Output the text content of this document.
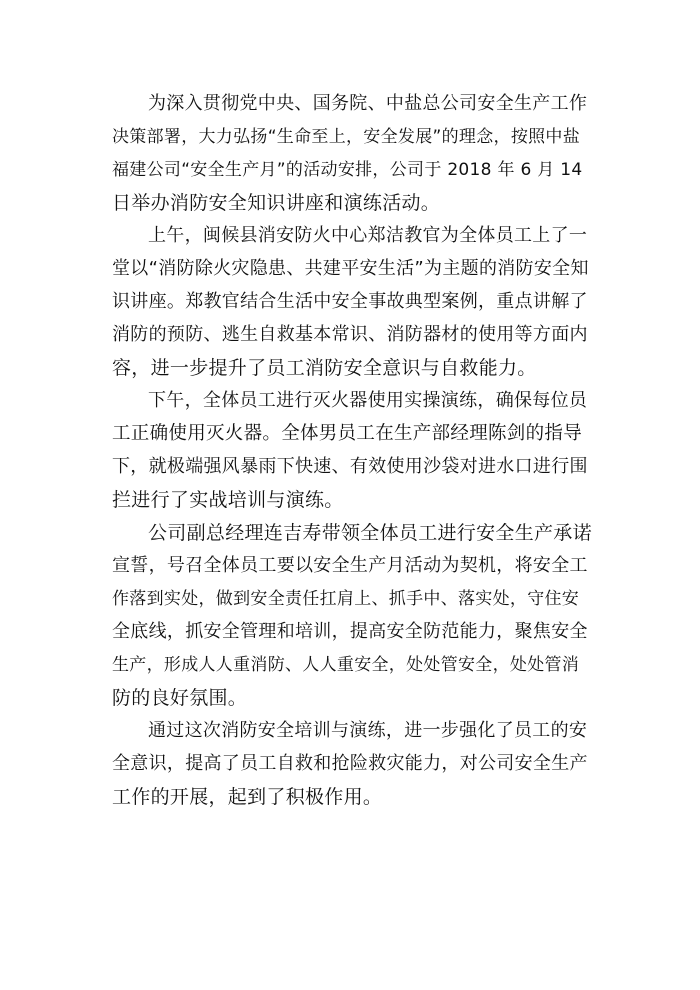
为深入贯彻党中央、国务院、中盐总公司安全生产工作
决策部署，大力弘扬“生命至上，安全发展”的理念，按照中盐
福建公司“安全生产月”的活动安排，公司于 2018 年 6 月 14
日举办消防安全知识讲座和演练活动。
上午，闽候县消安防火中心郑洁教官为全体员工上了一
堂以“消防除火灾隐患、共建平安生活”为主题的消防安全知
识讲座。郑教官结合生活中安全事故典型案例，重点讲解了
消防的预防、逃生自救基本常识、消防器材的使用等方面内
容，进一步提升了员工消防安全意识与自救能力。
下午，全体员工进行灭火器使用实操演练，确保每位员
工正确使用灭火器。全体男员工在生产部经理陈剑的指导
下，就极端强风暴雨下快速、有效使用沙袋对进水口进行围
拦进行了实战培训与演练。
公司副总经理连吉寿带领全体员工进行安全生产承诺
宣誓，号召全体员工要以安全生产月活动为契机，将安全工
作落到实处，做到安全责任扛肩上、抓手中、落实处，守住安
全底线，抓安全管理和培训，提高安全防范能力，聚焦安全
生产，形成人人重消防、人人重安全，处处管安全，处处管消
防的良好氛围。
通过这次消防安全培训与演练，进一步强化了员工的安
全意识，提高了员工自救和抢险救灾能力，对公司安全生产
工作的开展，起到了积极作用。
